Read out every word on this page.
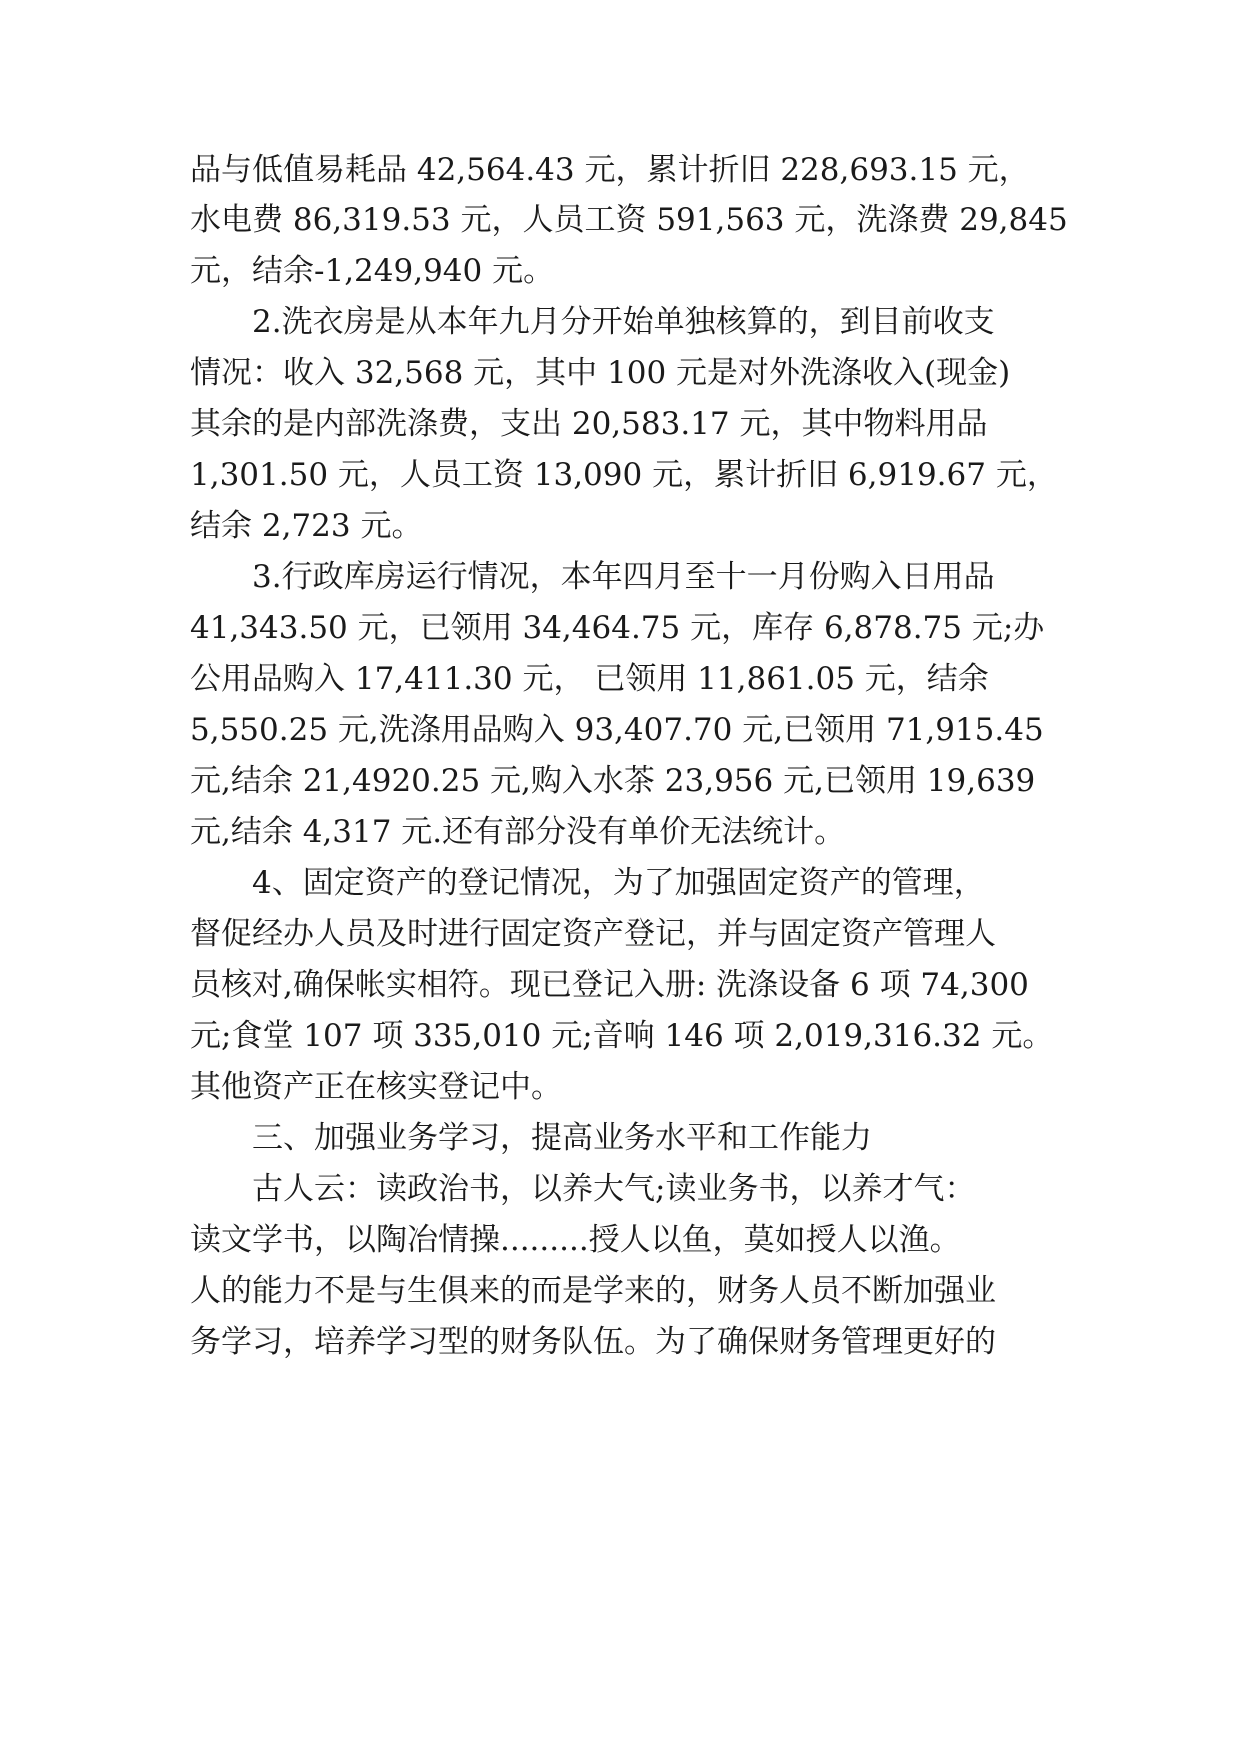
品与低值易耗品 42,564.43 元，累计折旧 228,693.15 元，
水电费 86,319.53 元，人员工资 591,563 元，洗涤费 29,845
元，结余-1,249,940 元。
2.洗衣房是从本年九月分开始单独核算的，到目前收支
情况：收入 32,568 元，其中 100 元是对外洗涤收入(现金)
其余的是内部洗涤费，支出 20,583.17 元，其中物料用品
1,301.50 元，人员工资 13,090 元，累计折旧 6,919.67 元，
结余 2,723 元。
3.行政库房运行情况，本年四月至十一月份购入日用品
41,343.50 元，已领用 34,464.75 元，库存 6,878.75 元;办
公用品购入 17,411.30 元， 已领用 11,861.05 元，结余
5,550.25 元,洗涤用品购入 93,407.70 元,已领用 71,915.45
元,结余 21,4920.25 元,购入水茶 23,956 元,已领用 19,639
元,结余 4,317 元.还有部分没有单价无法统计。
4、固定资产的登记情况，为了加强固定资产的管理，
督促经办人员及时进行固定资产登记，并与固定资产管理人
员核对,确保帐实相符。现已登记入册: 洗涤设备 6 项 74,300
元;食堂 107 项 335,010 元;音响 146 项 2,019,316.32 元。
其他资产正在核实登记中。
三、加强业务学习，提高业务水平和工作能力
古人云：读政治书，以养大气;读业务书，以养才气：
读文学书，以陶冶情操.........授人以鱼，莫如授人以渔。
人的能力不是与生俱来的而是学来的，财务人员不断加强业
务学习，培养学习型的财务队伍。为了确保财务管理更好的
